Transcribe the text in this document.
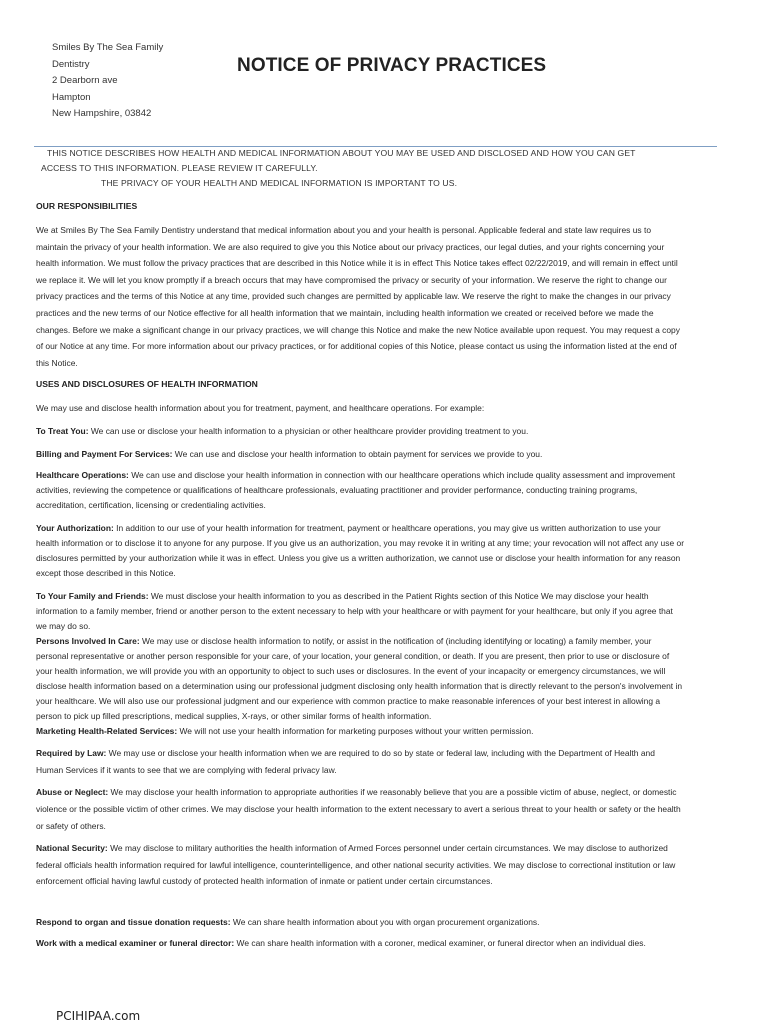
Smiles By The Sea Family
Dentistry
2 Dearborn ave
Hampton
New Hampshire, 03842
NOTICE OF PRIVACY PRACTICES
THIS NOTICE DESCRIBES HOW HEALTH AND MEDICAL INFORMATION ABOUT YOU MAY BE USED AND DISCLOSED AND HOW YOU CAN GET
ACCESS TO THIS INFORMATION. PLEASE REVIEW IT CAREFULLY.
THE PRIVACY OF YOUR HEALTH AND MEDICAL INFORMATION IS IMPORTANT TO US.
OUR RESPONSIBILITIES
We at Smiles By The Sea Family Dentistry understand that medical information about you and your health is personal. Applicable federal and state law requires us to maintain the privacy of your health information. We are also required to give you this Notice about our privacy practices, our legal duties, and your rights concerning your health information. We must follow the privacy practices that are described in this Notice while it is in effect This Notice takes effect 02/22/2019, and will remain in effect until we replace it. We will let you know promptly if a breach occurs that may have compromised the privacy or security of your information. We reserve the right to change our privacy practices and the terms of this Notice at any time, provided such changes are permitted by applicable law. We reserve the right to make the changes in our privacy practices and the new terms of our Notice effective for all health information that we maintain, including health information we created or received before we made the changes. Before we make a significant change in our privacy practices, we will change this Notice and make the new Notice available upon request. You may request a copy of our Notice at any time. For more information about our privacy practices, or for additional copies of this Notice, please contact us using the information listed at the end of this Notice.
USES AND DISCLOSURES OF HEALTH INFORMATION
We may use and disclose health information about you for treatment, payment, and healthcare operations. For example:
To Treat You: We can use or disclose your health information to a physician or other healthcare provider providing treatment to you.
Billing and Payment For Services: We can use and disclose your health information to obtain payment for services we provide to you.
Healthcare Operations: We can use and disclose your health information in connection with our healthcare operations which include quality assessment and improvement activities, reviewing the competence or qualifications of healthcare professionals, evaluating practitioner and provider performance, conducting training programs, accreditation, certification, licensing or credentialing activities.
Your Authorization: In addition to our use of your health information for treatment, payment or healthcare operations, you may give us written authorization to use your health information or to disclose it to anyone for any purpose. If you give us an authorization, you may revoke it in writing at any time; your revocation will not affect any use or disclosures permitted by your authorization while it was in effect. Unless you give us a written authorization, we cannot use or disclose your health information for any reason except those described in this Notice.
To Your Family and Friends: We must disclose your health information to you as described in the Patient Rights section of this Notice We may disclose your health information to a family member, friend or another person to the extent necessary to help with your healthcare or with payment for your healthcare, but only if you agree that we may do so.
Persons Involved In Care: We may use or disclose health information to notify, or assist in the notification of (including identifying or locating) a family member, your personal representative or another person responsible for your care, of your location, your general condition, or death. If you are present, then prior to use or disclosure of your health information, we will provide you with an opportunity to object to such uses or disclosures. In the event of your incapacity or emergency circumstances, we will disclose health information based on a determination using our professional judgment disclosing only health information that is directly relevant to the person's involvement in your healthcare. We will also use our professional judgment and our experience with common practice to make reasonable inferences of your best interest in allowing a person to pick up filled prescriptions, medical supplies, X-rays, or other similar forms of health information.
Marketing Health-Related Services: We will not use your health information for marketing purposes without your written permission.
Required by Law: We may use or disclose your health information when we are required to do so by state or federal law, including with the Department of Health and Human Services if it wants to see that we are complying with federal privacy law.
Abuse or Neglect: We may disclose your health information to appropriate authorities if we reasonably believe that you are a possible victim of abuse, neglect, or domestic violence or the possible victim of other crimes. We may disclose your health information to the extent necessary to avert a serious threat to your health or safety or the health or safety of others.
National Security: We may disclose to military authorities the health information of Armed Forces personnel under certain circumstances. We may disclose to authorized federal officials health information required for lawful intelligence, counterintelligence, and other national security activities. We may disclose to correctional institution or law enforcement official having lawful custody of protected health information of inmate or patient under certain circumstances.
Respond to organ and tissue donation requests: We can share health information about you with organ procurement organizations.
Work with a medical examiner or funeral director: We can share health information with a coroner, medical examiner, or funeral director when an individual dies.
PCIHIPAA.com
